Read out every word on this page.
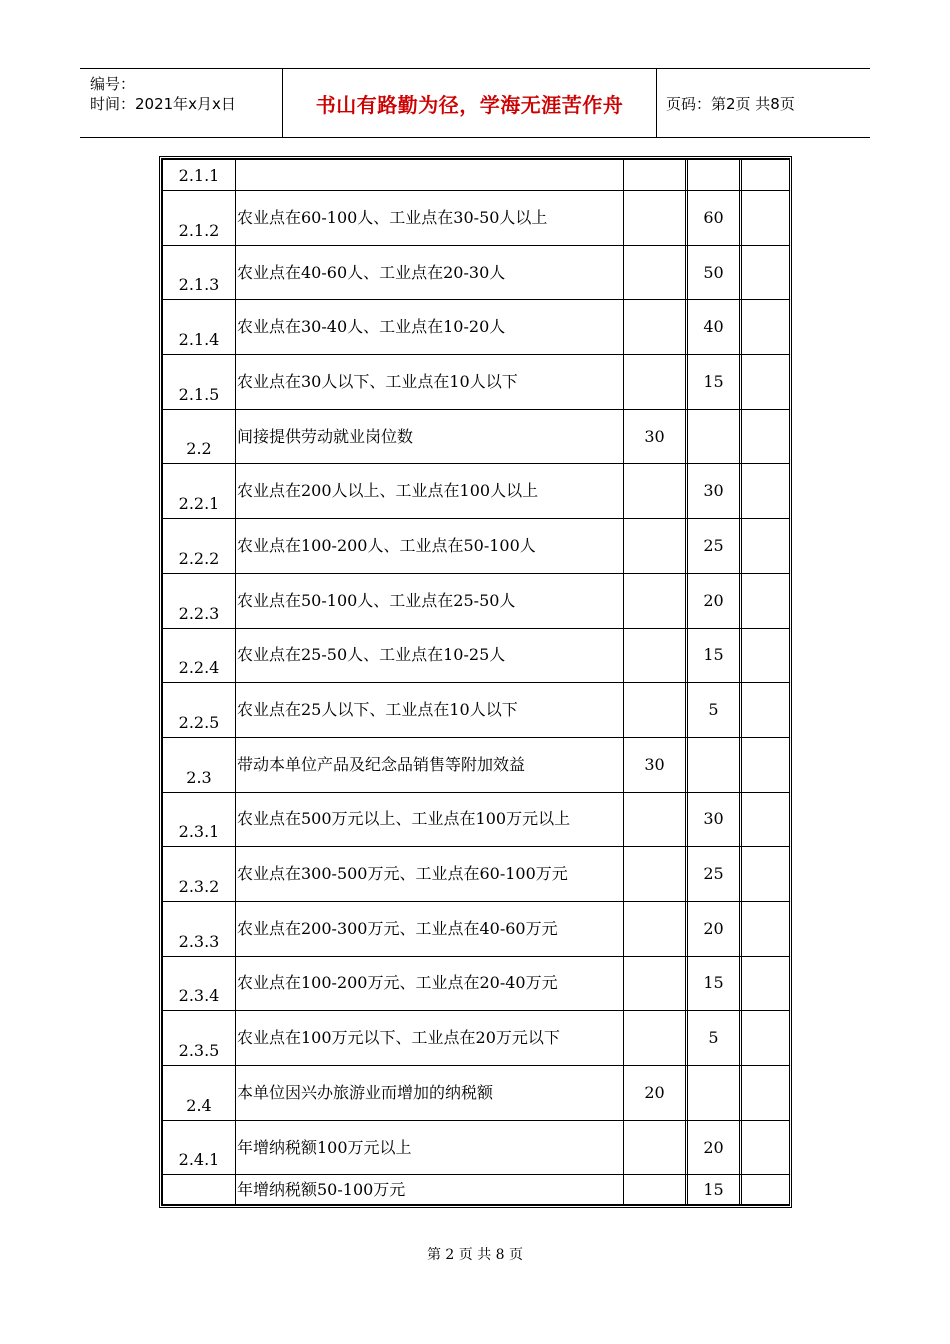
编号：
时间：2021年x月x日	书山有路勤为径，学海无涯苦作舟	页码：第2页 共8页
2.1.1						
2.1.2	农业点在60-100人、工业点在30-50人以上			60		
2.1.3	农业点在40-60人、工业点在20-30人			50		
2.1.4	农业点在30-40人、工业点在10-20人			40		
2.1.5	农业点在30人以下、工业点在10人以下			15		
2.2	间接提供劳动就业岗位数	30				
2.2.1	农业点在200人以上、工业点在100人以上			30		
2.2.2	农业点在100-200人、工业点在50-100人			25		
2.2.3	农业点在50-100人、工业点在25-50人			20		
2.2.4	农业点在25-50人、工业点在10-25人			15		
2.2.5	农业点在25人以下、工业点在10人以下			5		
2.3	带动本单位产品及纪念品销售等附加效益	30				
2.3.1	农业点在500万元以上、工业点在100万元以上			30		
2.3.2	农业点在300-500万元、工业点在60-100万元			25		
2.3.3	农业点在200-300万元、工业点在40-60万元			20		
2.3.4	农业点在100-200万元、工业点在20-40万元			15		
2.3.5	农业点在100万元以下、工业点在20万元以下			5		
2.4	本单位因兴办旅游业而增加的纳税额	20				
2.4.1	年增纳税额100万元以上			20		
	年增纳税额50-100万元			15		
第 2 页 共 8 页
